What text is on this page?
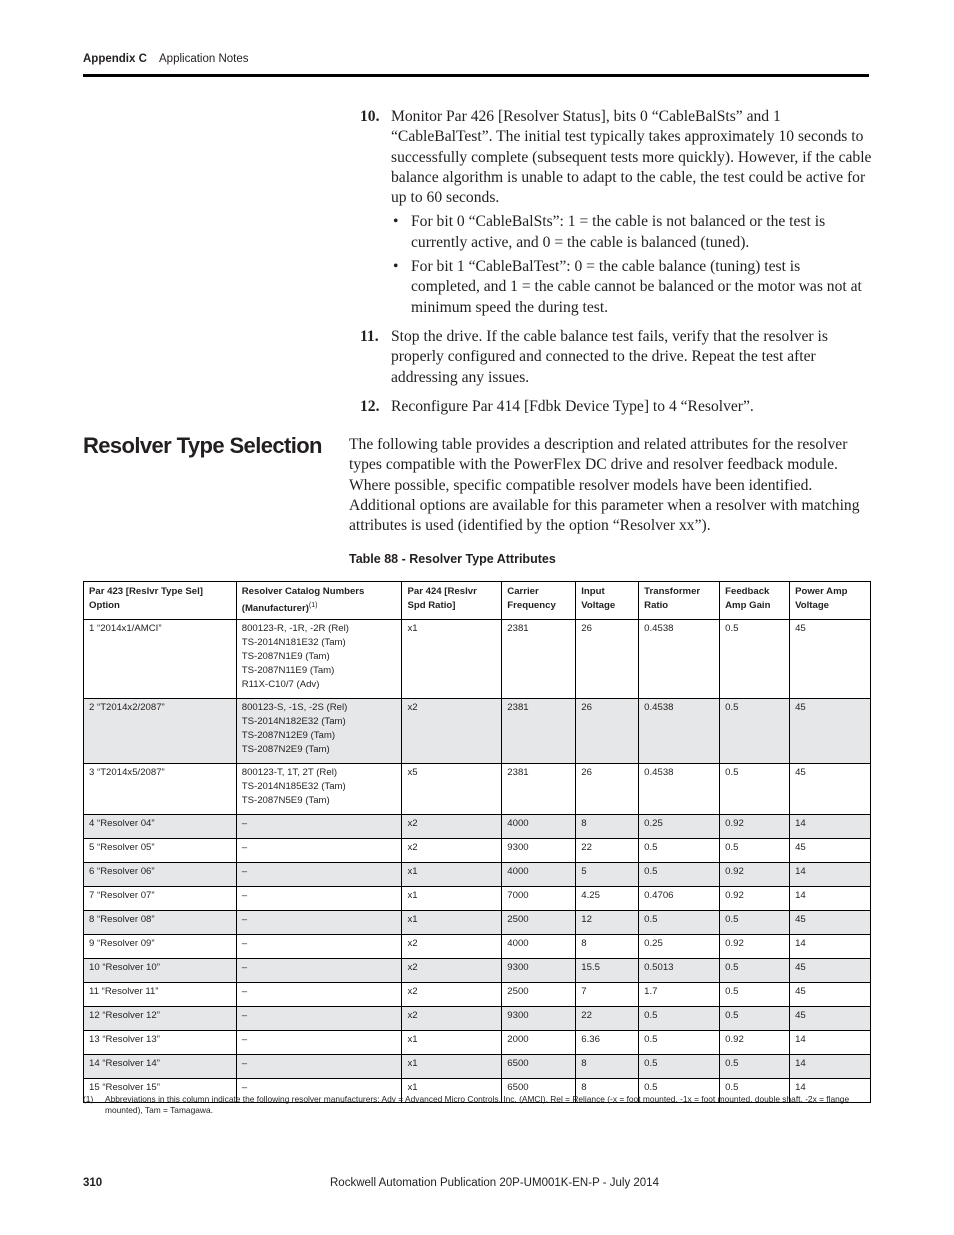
Appendix C Application Notes
10. Monitor Par 426 [Resolver Status], bits 0 “CableBalSts” and 1 “CableBalTest”. The initial test typically takes approximately 10 seconds to successfully complete (subsequent tests more quickly). However, if the cable balance algorithm is unable to adapt to the cable, the test could be active for up to 60 seconds.
• For bit 0 “CableBalSts”: 1 = the cable is not balanced or the test is currently active, and 0 = the cable is balanced (tuned).
• For bit 1 “CableBalTest”: 0 = the cable balance (tuning) test is completed, and 1 = the cable cannot be balanced or the motor was not at minimum speed the during test.
11. Stop the drive. If the cable balance test fails, verify that the resolver is properly configured and connected to the drive. Repeat the test after addressing any issues.
12. Reconfigure Par 414 [Fdbk Device Type] to 4 “Resolver”.
Resolver Type Selection The following table provides a description and related attributes for the resolver types compatible with the PowerFlex DC drive and resolver feedback module. Where possible, specific compatible resolver models have been identified. Additional options are available for this parameter when a resolver with matching attributes is used (identified by the option “Resolver xx”).

Table 88 - Resolver Type Attributes
Par 423 [Reslvr Type Sel] Option	Resolver Catalog Numbers (Manufacturer)$^{(1)}$	Par 424 [Reslvr Spd Ratio]	Carrier Frequency	Input Voltage	Transformer Ratio	Feedback Amp Gain	Power Amp Voltage
1 “2014x1/AMCI”	800123-R, -1R, -2R (Rel)
TS-2014N181E32 (Tam)
TS-2087N1E9 (Tam)
TS-2087N11E9 (Tam)
R11X-C10/7 (Adv)	x1	2381	26	0.4538	0.5	45
2 “T2014x2/2087”	800123-S, -1S, -2S (Rel)
TS-2014N182E32 (Tam)
TS-2087N12E9 (Tam)
TS-2087N2E9 (Tam)	x2	2381	26	0.4538	0.5	45
3 “T2014x5/2087”	800123-T, 1T, 2T (Rel)
TS-2014N185E32 (Tam)
TS-2087N5E9 (Tam)	x5	2381	26	0.4538	0.5	45
4 “Resolver 04”	–	x2	4000	8	0.25	0.92	14
5 “Resolver 05”	–	x2	9300	22	0.5	0.5	45
6 “Resolver 06”	–	x1	4000	5	0.5	0.92	14
7 “Resolver 07”	–	x1	7000	4.25	0.4706	0.92	14
8 “Resolver 08”	–	x1	2500	12	0.5	0.5	45
9 “Resolver 09”	–	x2	4000	8	0.25	0.92	14
10 “Resolver 10”	–	x2	9300	15.5	0.5013	0.5	45
11 “Resolver 11”	–	x2	2500	7	1.7	0.5	45
12 “Resolver 12”	–	x2	9300	22	0.5	0.5	45
13 “Resolver 13”	–	x1	2000	6.36	0.5	0.92	14
14 “Resolver 14”	–	x1	6500	8	0.5	0.5	14
15 “Resolver 15”	–	x1	6500	8	0.5	0.5	14
(1)	Abbreviations in this column indicate the following resolver manufacturers: Adv = Advanced Micro Controls, Inc. (AMCI), Rel = Reliance (-x = foot mounted, -1x = foot mounted, double shaft, -2x = flange mounted), Tam = Tamagawa.
310	Rockwell Automation Publication 20P-UM001K-EN-P - July 2014
